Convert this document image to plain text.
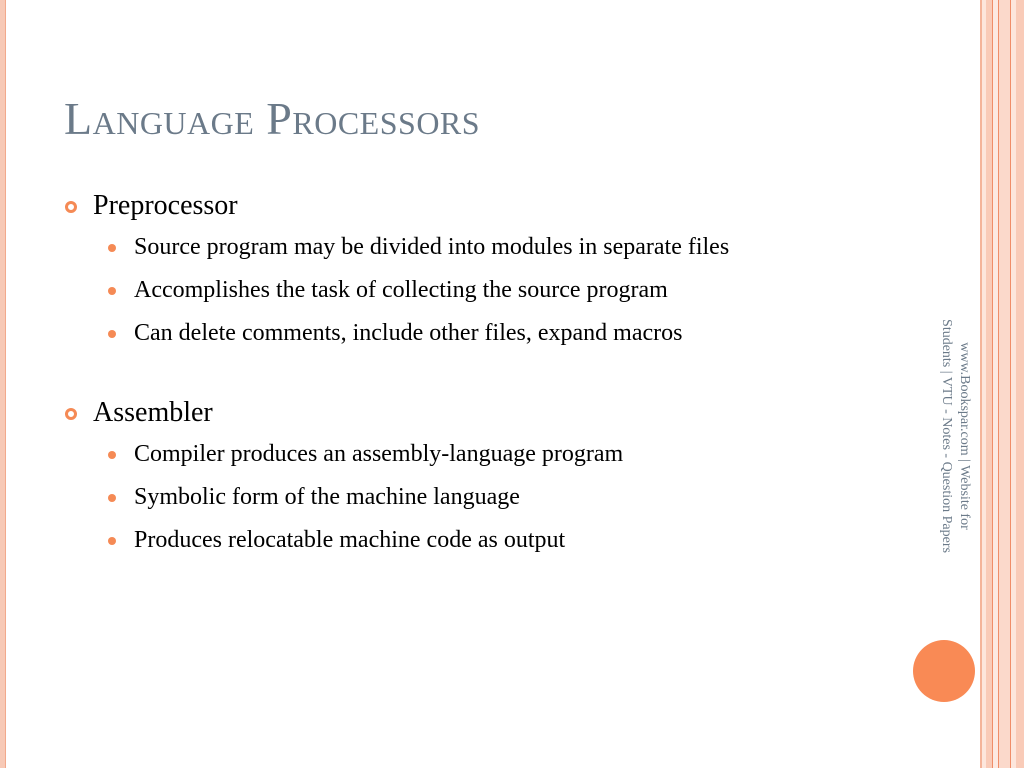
Language Processors
Preprocessor
Source program may be divided into modules in separate files
Accomplishes the task of collecting the source program
Can delete comments, include other files, expand macros
Assembler
Compiler produces an assembly-language program
Symbolic form of the machine language
Produces relocatable machine code as output
www.Bookspar.com | Website for
Students | VTU - Notes - Question Papers
